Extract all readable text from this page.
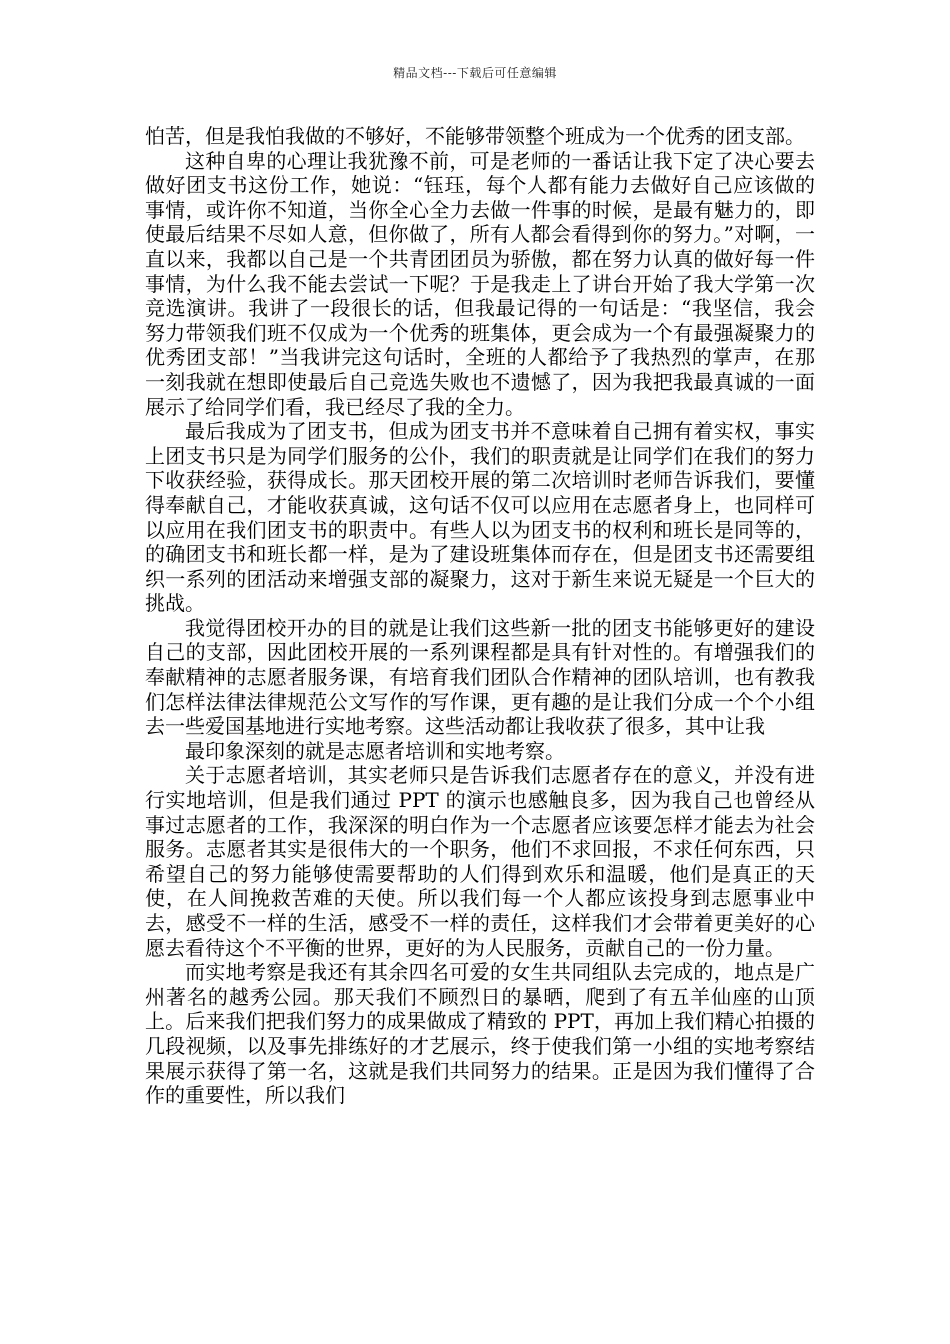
精品文档---下载后可任意编辑

怕苦，但是我怕我做的不够好，不能够带领整个班成为一个优秀的团支部。

这种自卑的心理让我犹豫不前，可是老师的一番话让我下定了决心要去做好团支书这份工作，她说：“钰珏，每个人都有能力去做好自己应该做的事情，或许你不知道，当你全心全力去做一件事的时候，是最有魅力的，即使最后结果不尽如人意，但你做了，所有人都会看得到你的努力。”对啊，一直以来，我都以自己是一个共青团团员为骄傲，都在努力认真的做好每一件事情，为什么我不能去尝试一下呢？于是我走上了讲台开始了我大学第一次竞选演讲。我讲了一段很长的话，但我最记得的一句话是：“我坚信，我会努力带领我们班不仅成为一个优秀的班集体，更会成为一个有最强凝聚力的优秀团支部！”当我讲完这句话时，全班的人都给予了我热烈的掌声，在那一刻我就在想即使最后自己竞选失败也不遗憾了，因为我把我最真诚的一面展示了给同学们看，我已经尽了我的全力。

最后我成为了团支书，但成为团支书并不意味着自己拥有着实权，事实上团支书只是为同学们服务的公仆，我们的职责就是让同学们在我们的努力下收获经验，获得成长。那天团校开展的第二次培训时老师告诉我们，要懂得奉献自己，才能收获真诚，这句话不仅可以应用在志愿者身上，也同样可以应用在我们团支书的职责中。有些人以为团支书的权利和班长是同等的，的确团支书和班长都一样，是为了建设班集体而存在，但是团支书还需要组织一系列的团活动来增强支部的凝聚力，这对于新生来说无疑是一个巨大的挑战。

我觉得团校开办的目的就是让我们这些新一批的团支书能够更好的建设自己的支部，因此团校开展的一系列课程都是具有针对性的。有增强我们的奉献精神的志愿者服务课，有培育我们团队合作精神的团队培训，也有教我们怎样法律法律规范公文写作的写作课，更有趣的是让我们分成一个个小组去一些爱国基地进行实地考察。这些活动都让我收获了很多，其中让我

最印象深刻的就是志愿者培训和实地考察。

关于志愿者培训，其实老师只是告诉我们志愿者存在的意义，并没有进行实地培训，但是我们通过 PPT 的演示也感触良多，因为我自己也曾经从事过志愿者的工作，我深深的明白作为一个志愿者应该要怎样才能去为社会服务。志愿者其实是很伟大的一个职务，他们不求回报，不求任何东西，只希望自己的努力能够使需要帮助的人们得到欢乐和温暖，他们是真正的天使，在人间挽救苦难的天使。所以我们每一个人都应该投身到志愿事业中去，感受不一样的生活，感受不一样的责任，这样我们才会带着更美好的心愿去看待这个不平衡的世界，更好的为人民服务，贡献自己的一份力量。

而实地考察是我还有其余四名可爱的女生共同组队去完成的，地点是广州著名的越秀公园。那天我们不顾烈日的暴晒，爬到了有五羊仙座的山顶上。后来我们把我们努力的成果做成了精致的 PPT，再加上我们精心拍摄的几段视频，以及事先排练好的才艺展示，终于使我们第一小组的实地考察结果展示获得了第一名，这就是我们共同努力的结果。正是因为我们懂得了合作的重要性，所以我们
